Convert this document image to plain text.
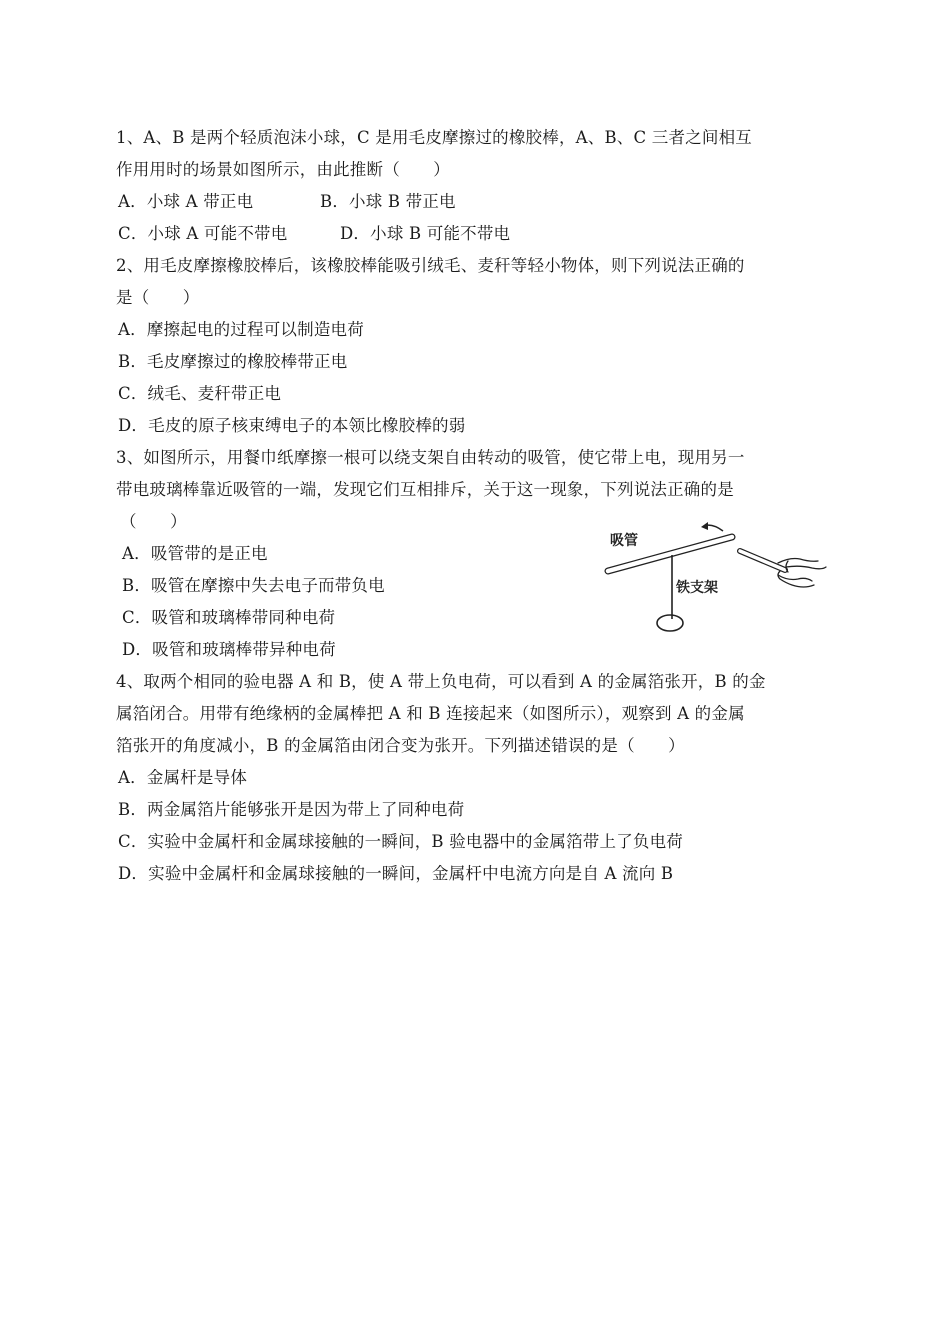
1、A、B 是两个轻质泡沫小球，C 是用毛皮摩擦过的橡胶棒，A、B、C 三者之间相互
作用用时的场景如图所示，由此推断（　　）
A．小球 A 带正电	B．小球 B 带正电
C．小球 A 可能不带电	D．小球 B 可能不带电
2、用毛皮摩擦橡胶棒后，该橡胶棒能吸引绒毛、麦秆等轻小物体，则下列说法正确的
是（　　）
A．摩擦起电的过程可以制造电荷
B．毛皮摩擦过的橡胶棒带正电
C．绒毛、麦秆带正电
D．毛皮的原子核束缚电子的本领比橡胶棒的弱
3、如图所示，用餐巾纸摩擦一根可以绕支架自由转动的吸管，使它带上电，现用另一
带电玻璃棒靠近吸管的一端，发现它们互相排斥，关于这一现象，下列说法正确的是
（　　）
A．吸管带的是正电
B．吸管在摩擦中失去电子而带负电
C．吸管和玻璃棒带同种电荷
D．吸管和玻璃棒带异种电荷
吸管
铁支架
4、取两个相同的验电器 A 和 B，使 A 带上负电荷，可以看到 A 的金属箔张开，B 的金
属箔闭合。用带有绝缘柄的金属棒把 A 和 B 连接起来（如图所示），观察到 A 的金属
箔张开的角度减小，B 的金属箔由闭合变为张开。下列描述错误的是（　　）
A．金属杆是导体
B．两金属箔片能够张开是因为带上了同种电荷
C．实验中金属杆和金属球接触的一瞬间，B 验电器中的金属箔带上了负电荷
D．实验中金属杆和金属球接触的一瞬间，金属杆中电流方向是自 A 流向 B
